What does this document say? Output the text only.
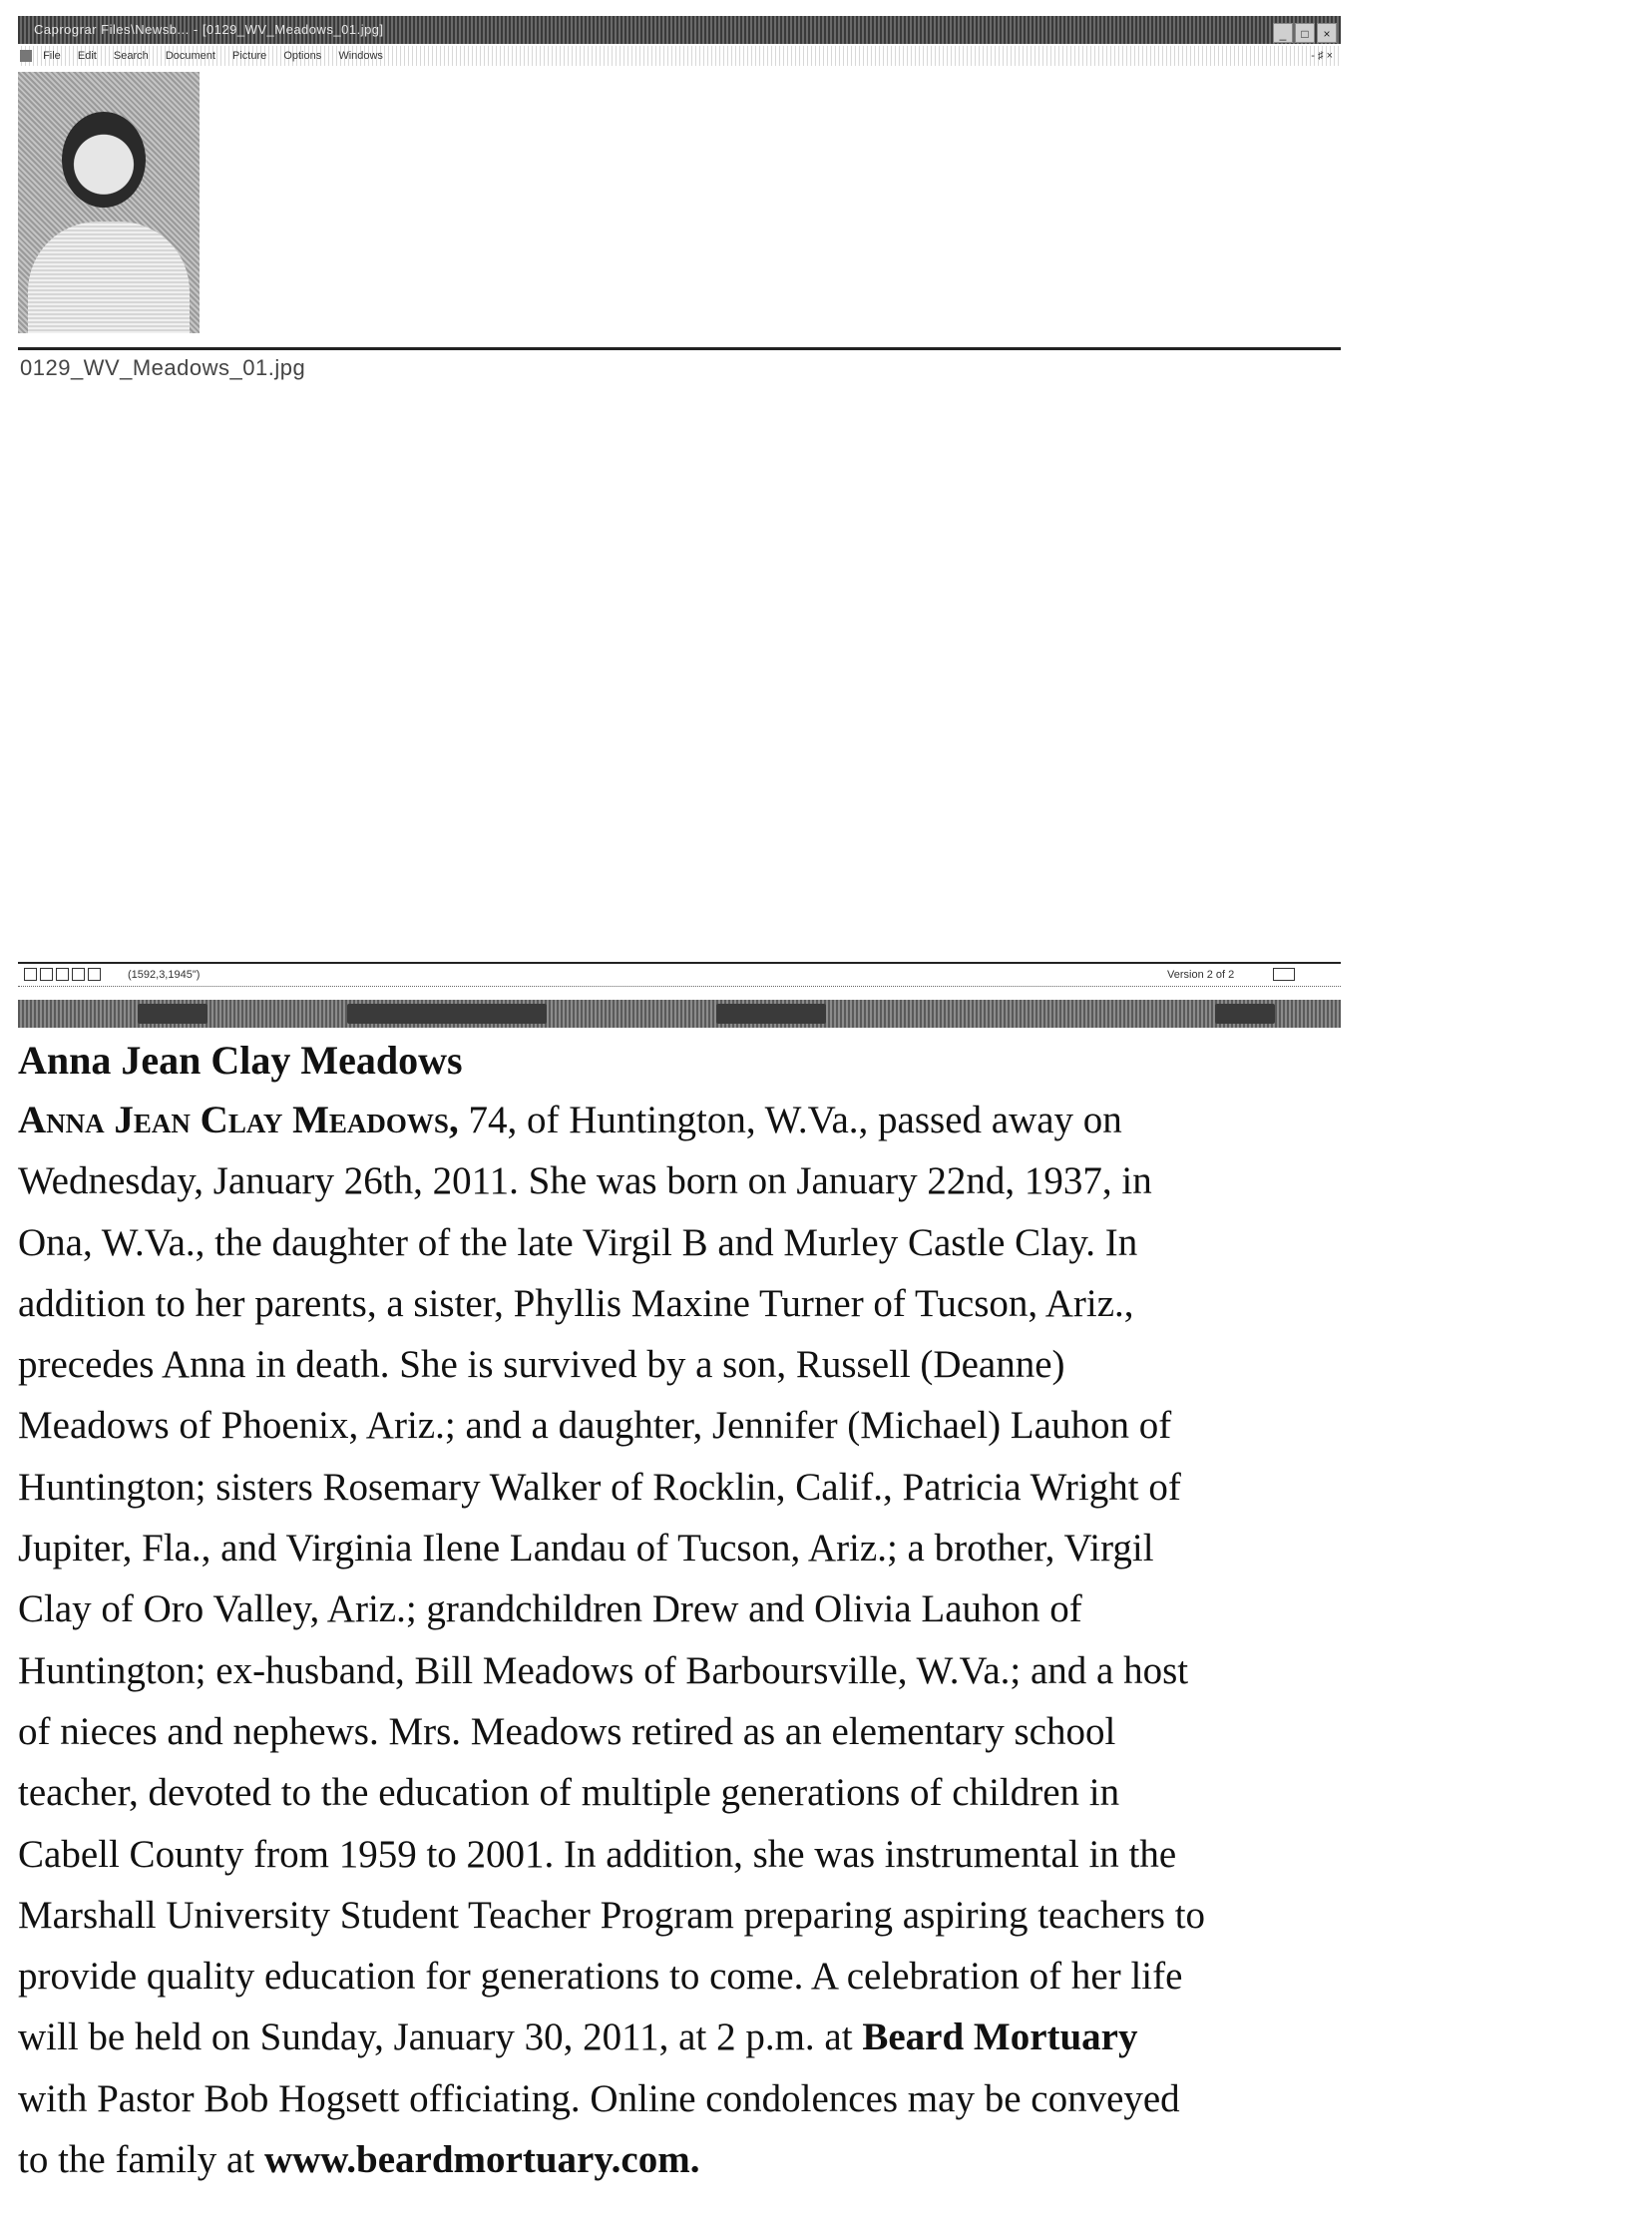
Caprograr Files\Newsb... - [0129_WV_Meadows_01.jpg]	_ □ ×
File Edit Search Document Picture Options Windows	- ♯ ×
0129_WV_Meadows_01.jpg
(1592,3,1945")	Version 2 of 2
Anna Jean Clay Meadows

Anna Jean Clay Meadows, 74, of Huntington, W.Va., passed away on
Wednesday, January 26th, 2011. She was born on January 22nd, 1937, in
Ona, W.Va., the daughter of the late Virgil B and Murley Castle Clay. In
addition to her parents, a sister, Phyllis Maxine Turner of Tucson, Ariz.,
precedes Anna in death. She is survived by a son, Russell (Deanne)
Meadows of Phoenix, Ariz.; and a daughter, Jennifer (Michael) Lauhon of
Huntington; sisters Rosemary Walker of Rocklin, Calif., Patricia Wright of
Jupiter, Fla., and Virginia Ilene Landau of Tucson, Ariz.; a brother, Virgil
Clay of Oro Valley, Ariz.; grandchildren Drew and Olivia Lauhon of
Huntington; ex-husband, Bill Meadows of Barboursville, W.Va.; and a host
of nieces and nephews. Mrs. Meadows retired as an elementary school
teacher, devoted to the education of multiple generations of children in
Cabell County from 1959 to 2001. In addition, she was instrumental in the
Marshall University Student Teacher Program preparing aspiring teachers to
provide quality education for generations to come. A celebration of her life
will be held on Sunday, January 30, 2011, at 2 p.m. at Beard Mortuary
with Pastor Bob Hogsett officiating. Online condolences may be conveyed
to the family at www.beardmortuary.com.
